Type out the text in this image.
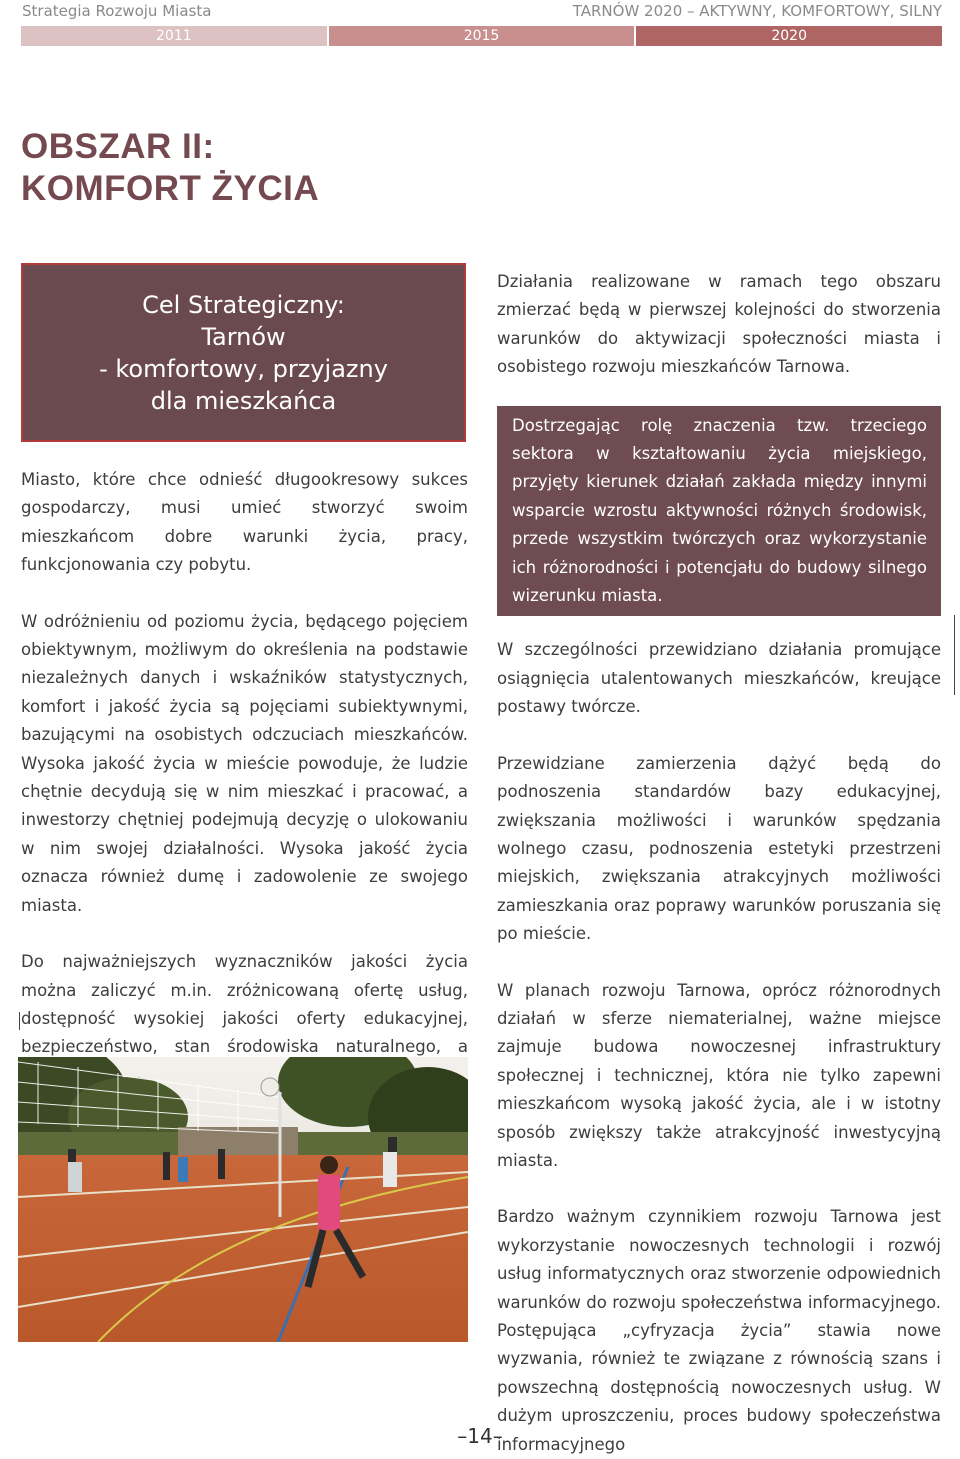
Strategia Rozwoju Miasta	TARNÓW 2020 – AKTYWNY, KOMFORTOWY, SILNY
2011	2015	2020
OBSZAR II:
KOMFORT ŻYCIA
Cel Strategiczny:
Tarnów
- komfortowy, przyjazny
dla mieszkańca

Miasto, które chce odnieść długookresowy sukces gospodarczy, musi umieć stworzyć swoim mieszkańcom dobre warunki życia, pracy, funkcjonowania czy pobytu.

W odróżnieniu od poziomu życia, będącego pojęciem obiektywnym, możliwym do określenia na podstawie niezależnych danych i wskaźników statystycznych, komfort i jakość życia są pojęciami subiektywnymi, bazującymi na osobistych odczuciach mieszkańców. Wysoka jakość życia w mieście powoduje, że ludzie chętnie decydują się w nim mieszkać i pracować, a inwestorzy chętniej podejmują decyzję o ulokowaniu w nim swojej działalności. Wysoka jakość życia oznacza również dumę i zadowolenie ze swojego miasta.

Do najważniejszych wyznaczników jakości życia można zaliczyć m.in. zróżnicowaną ofertę usług, dostępność wysokiej jakości oferty edukacyjnej, bezpieczeństwo, stan środowiska naturalnego, a

Działania realizowane w ramach tego obszaru zmierzać będą w pierwszej kolejności do stworzenia warunków do aktywizacji społeczności miasta i osobistego rozwoju mieszkańców Tarnowa.

Dostrzegając rolę znaczenia tzw. trzeciego sektora w kształtowaniu życia miejskiego, przyjęty kierunek działań zakłada między innymi wsparcie wzrostu aktywności różnych środowisk, przede wszystkim twórczych oraz wykorzystanie ich różnorodności i potencjału do budowy silnego wizerunku miasta.

W szczególności przewidziano działania promujące osiągnięcia utalentowanych mieszkańców, kreujące postawy twórcze.

Przewidziane zamierzenia dążyć będą do podnoszenia standardów bazy edukacyjnej, zwiększania możliwości i warunków spędzania wolnego czasu, podnoszenia estetyki przestrzeni miejskich, zwiększania atrakcyjnych możliwości zamieszkania oraz poprawy warunków poruszania się po mieście.

W planach rozwoju Tarnowa, oprócz różnorodnych działań w sferze niematerialnej, ważne miejsce zajmuje budowa nowoczesnej infrastruktury społecznej i technicznej, która nie tylko zapewni mieszkańcom wysoką jakość życia, ale i w istotny sposób zwiększy także atrakcyjność inwestycyjną miasta.

Bardzo ważnym czynnikiem rozwoju Tarnowa jest wykorzystanie nowoczesnych technologii i rozwój usług informatycznych oraz stworzenie odpowiednich warunków do rozwoju społeczeństwa informacyjnego. Postępująca „cyfryzacja życia” stawia nowe wyzwania, również te związane z równością szans i powszechną dostępnością nowoczesnych usług. W dużym uproszczeniu, proces budowy społeczeństwa informacyjnego

–14–
